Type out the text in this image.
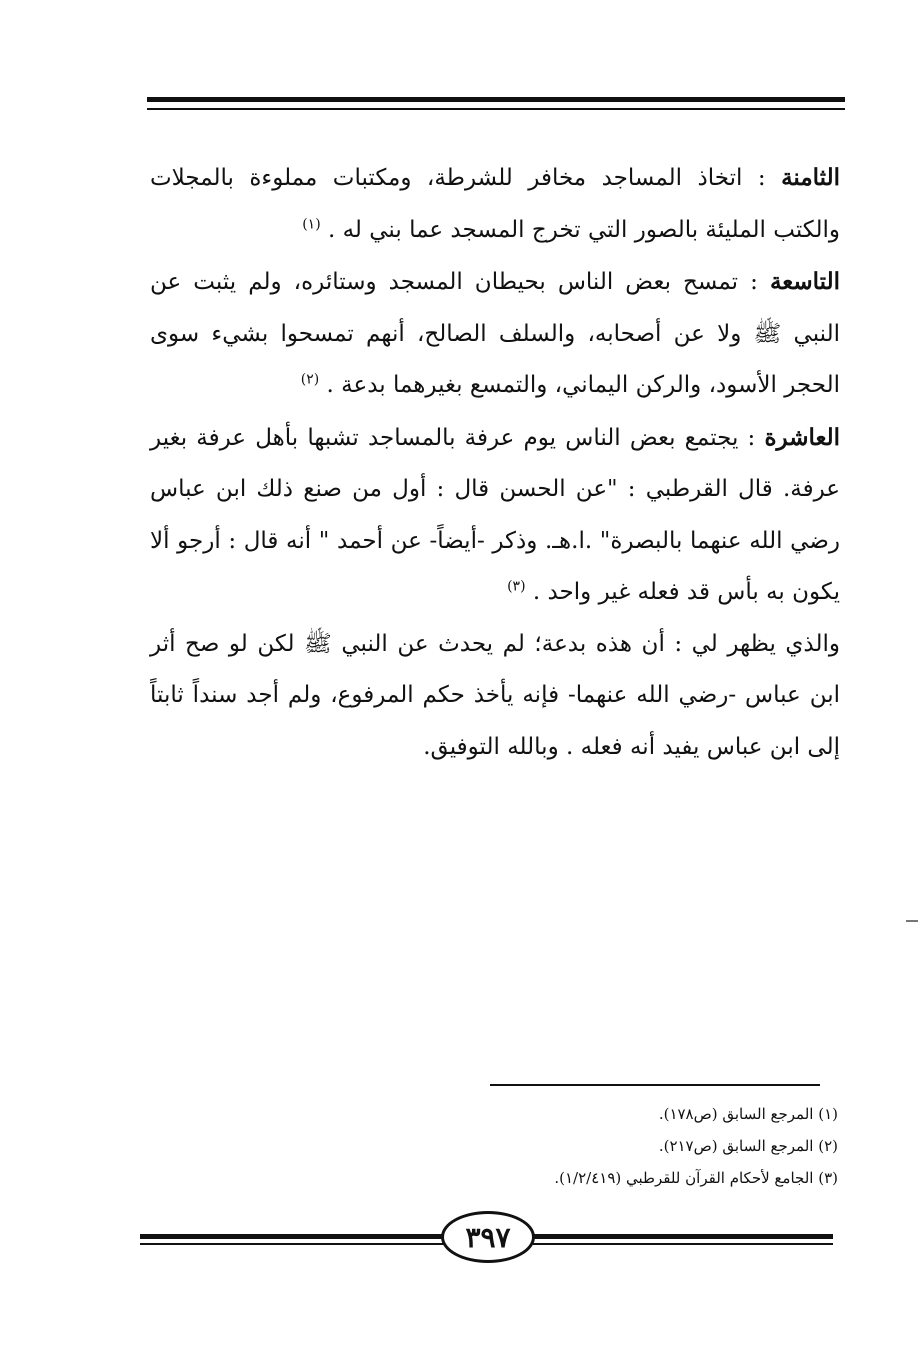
الثامنة : اتخاذ المساجد مخافر للشرطة، ومكتبات مملوءة بالمجلات والكتب المليئة بالصور التي تخرج المسجد عما بني له . $^{(١)}$

التاسعة : تمسح بعض الناس بحيطان المسجد وستائره، ولم يثبت عن النبي ﷺ ولا عن أصحابه، والسلف الصالح، أنهم تمسحوا بشيء سوى الحجر الأسود، والركن اليماني، والتمسع بغيرهما بدعة . $^{(٢)}$

العاشرة : يجتمع بعض الناس يوم عرفة بالمساجد تشبها بأهل عرفة بغير عرفة. قال القرطبي : "عن الحسن قال : أول من صنع ذلك ابن عباس رضي الله عنهما بالبصرة" .ا.هـ. وذكر -أيضاً- عن أحمد " أنه قال : أرجو ألا يكون به بأس قد فعله غير واحد . $^{(٣)}$

والذي يظهر لي : أن هذه بدعة؛ لم يحدث عن النبي ﷺ لكن لو صح أثر ابن عباس -رضي الله عنهما- فإنه يأخذ حكم المرفوع، ولم أجد سنداً ثابتاً إلى ابن عباس يفيد أنه فعله . وبالله التوفيق.

(١) المرجع السابق (ص١٧٨).

(٢) المرجع السابق (ص٢١٧).

(٣) الجامع لأحكام القرآن للقرطبي (١/٢/٤١٩).

٣٩٧
